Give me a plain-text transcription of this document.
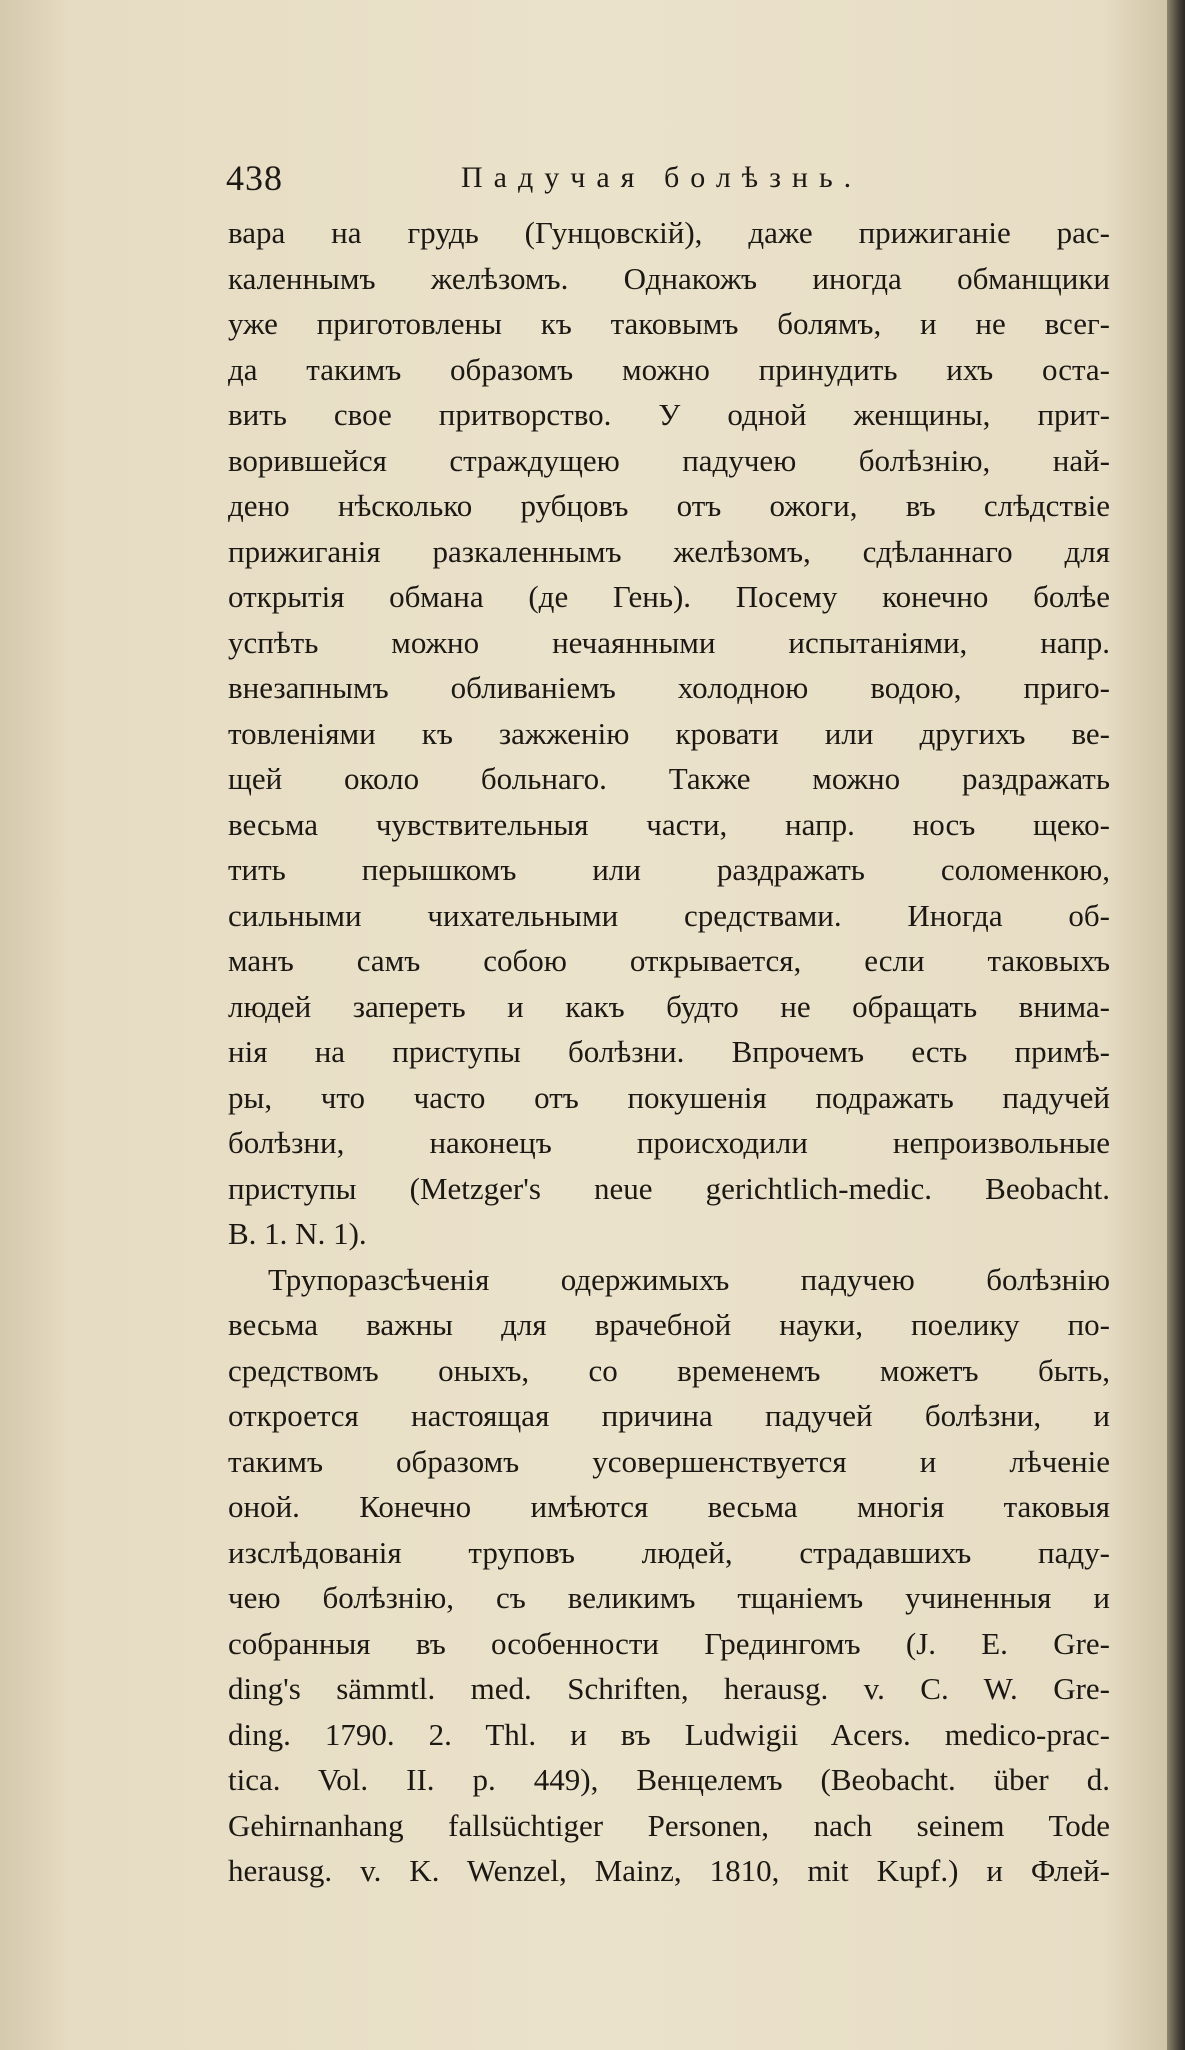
438	Падучая болѣзнь.
вара на грудь (Гунцовскій), даже прижиганіе рас-
каленнымъ желѣзомъ. Однакожъ иногда обманщики
уже приготовлены къ таковымъ болямъ, и не всег-
да такимъ образомъ можно принудить ихъ оста-
вить свое притворство. У одной женщины, прит-
ворившейся страждущею падучею болѣзнію, най-
дено нѣсколько рубцовъ отъ ожоги, въ слѣдствіе
прижиганія разкаленнымъ желѣзомъ, сдѣланнаго для
открытія обмана (де Гень). Посему конечно болѣе
успѣть можно нечаянными испытаніями, напр.
внезапнымъ обливаніемъ холодною водою, приго-
товленіями къ зажженію кровати или другихъ ве-
щей около больнаго. Также можно раздражать
весьма чувствительныя части, напр. носъ щеко-
тить перышкомъ или раздражать соломенкою,
сильными чихательными средствами. Иногда об-
манъ самъ собою открывается, если таковыхъ
людей запереть и какъ будто не обращать внима-
нія на приступы болѣзни. Впрочемъ есть примѣ-
ры, что часто отъ покушенія подражать падучей
болѣзни, наконецъ происходили непроизвольные
приступы (Metzger's neue gerichtlich-medic. Beobacht.
B. 1. N. 1).
Трупоразсѣченія одержимыхъ падучею болѣзнію
весьма важны для врачебной науки, поелику по-
средствомъ оныхъ, со временемъ можетъ быть,
откроется настоящая причина падучей болѣзни, и
такимъ образомъ усовершенствуется и лѣченіе
оной. Конечно имѣются весьма многія таковыя
изслѣдованія труповъ людей, страдавшихъ паду-
чею болѣзнію, съ великимъ тщаніемъ учиненныя и
собранныя въ особенности Гредингомъ (J. E. Gre-
ding's sämmtl. med. Schriften, herausg. v. C. W. Gre-
ding. 1790. 2. Thl. и въ Ludwigii Acers. medico-prac-
tica. Vol. II. p. 449), Венцелемъ (Beobacht. über d.
Gehirnanhang fallsüchtiger Personen, nach seinem Tode
herausg. v. K. Wenzel, Mainz, 1810, mit Kupf.) и Флей-
